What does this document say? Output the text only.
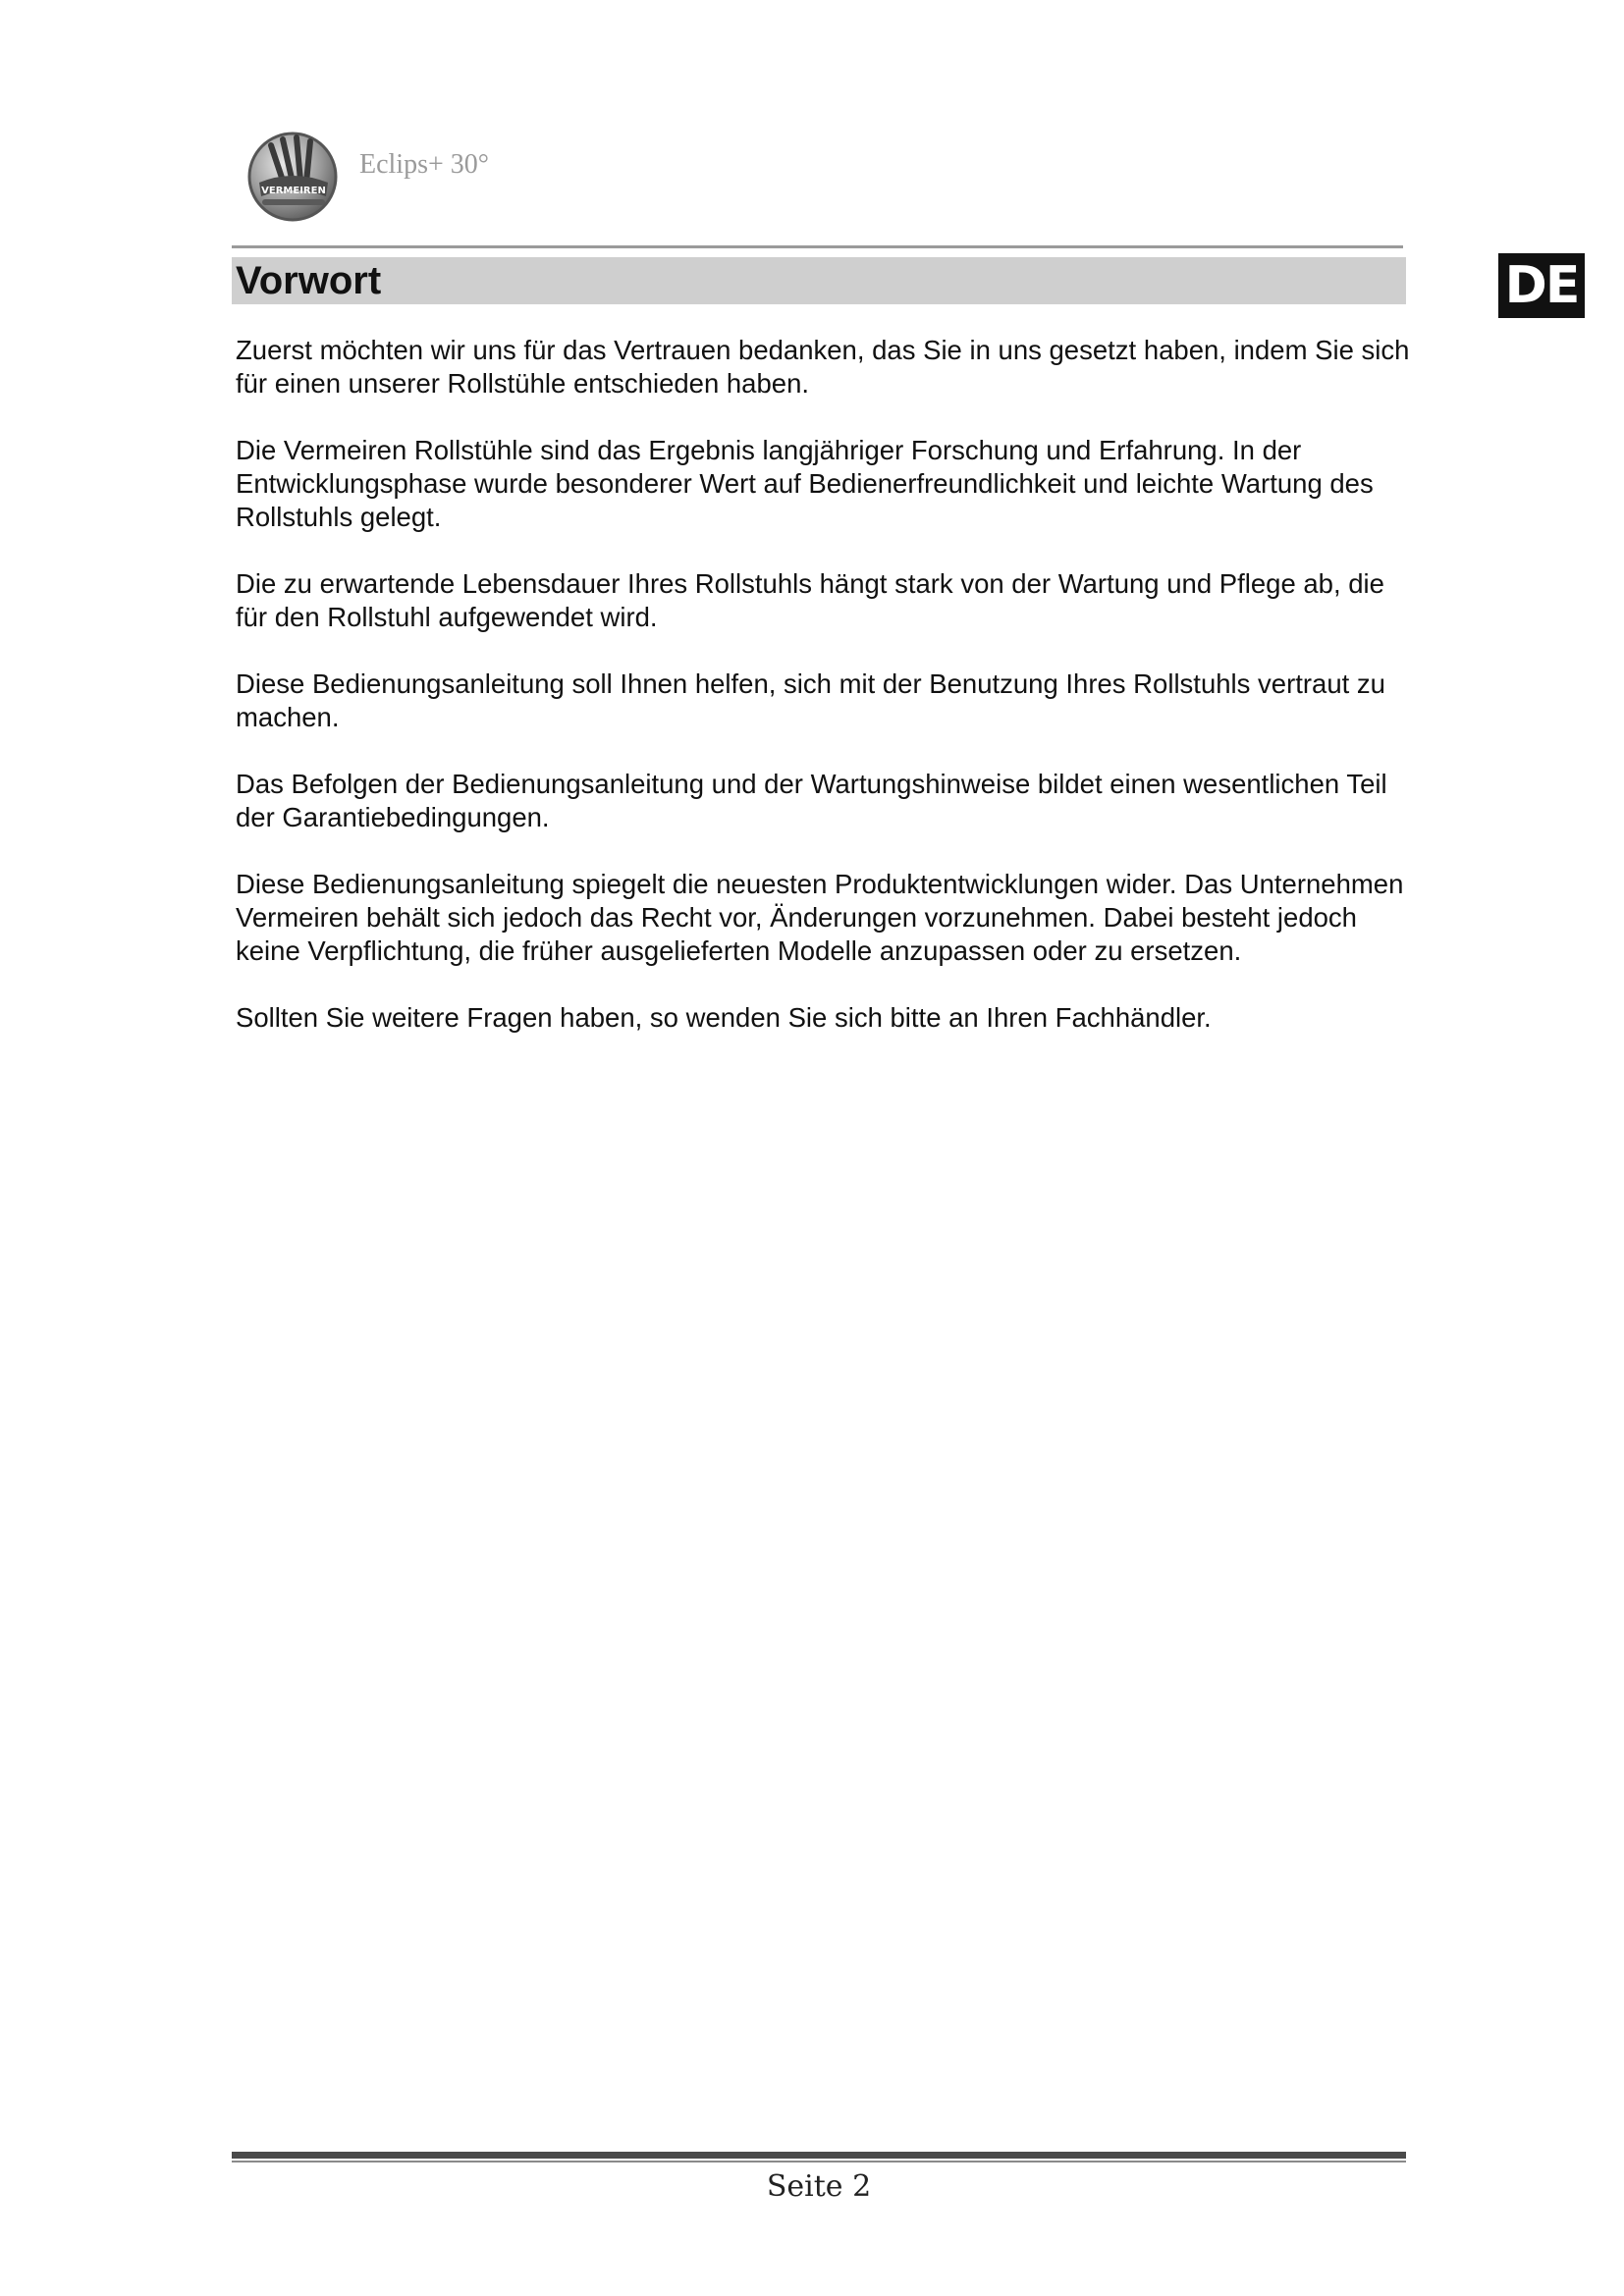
VERMEIREN
Eclips+ 30°
DE
Vorwort

Zuerst möchten wir uns für das Vertrauen bedanken, das Sie in uns gesetzt haben, indem Sie sich für einen unserer Rollstühle entschieden haben.

Die Vermeiren Rollstühle sind das Ergebnis langjähriger Forschung und Erfahrung. In der Entwicklungsphase wurde besonderer Wert auf Bedienerfreundlichkeit und leichte Wartung des Rollstuhls gelegt.

Die zu erwartende Lebensdauer Ihres Rollstuhls hängt stark von der Wartung und Pflege ab, die für den Rollstuhl aufgewendet wird.

Diese Bedienungsanleitung soll Ihnen helfen, sich mit der Benutzung Ihres Rollstuhls vertraut zu machen.

Das Befolgen der Bedienungsanleitung und der Wartungshinweise bildet einen wesentlichen Teil der Garantiebedingungen.

Diese Bedienungsanleitung spiegelt die neuesten Produktentwicklungen wider. Das Unternehmen Vermeiren behält sich jedoch das Recht vor, Änderungen vorzunehmen. Dabei besteht jedoch keine Verpflichtung, die früher ausgelieferten Modelle anzupassen oder zu ersetzen.

Sollten Sie weitere Fragen haben, so wenden Sie sich bitte an Ihren Fachhändler.

Seite 2
